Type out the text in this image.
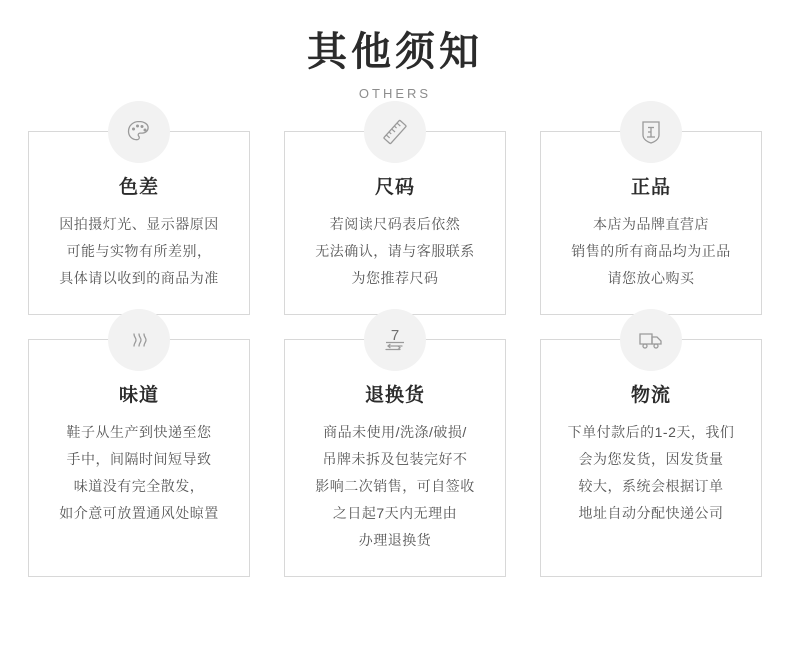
其他须知
OTHERS
色差

因拍摄灯光、显示器原因
可能与实物有所差别，
具体请以收到的商品为准

尺码

若阅读尺码表后依然
无法确认，请与客服联系
为您推荐尺码

正品

本店为品牌直营店
销售的所有商品均为正品
请您放心购买

味道

鞋子从生产到快递至您
手中，间隔时间短导致
味道没有完全散发，
如介意可放置通风处晾置

7
退换货

商品未使用/洗涤/破损/
吊牌未拆及包装完好不
影响二次销售，可自签收
之日起7天内无理由
办理退换货

物流

下单付款后的1-2天，我们
会为您发货，因发货量
较大，系统会根据订单
地址自动分配快递公司
